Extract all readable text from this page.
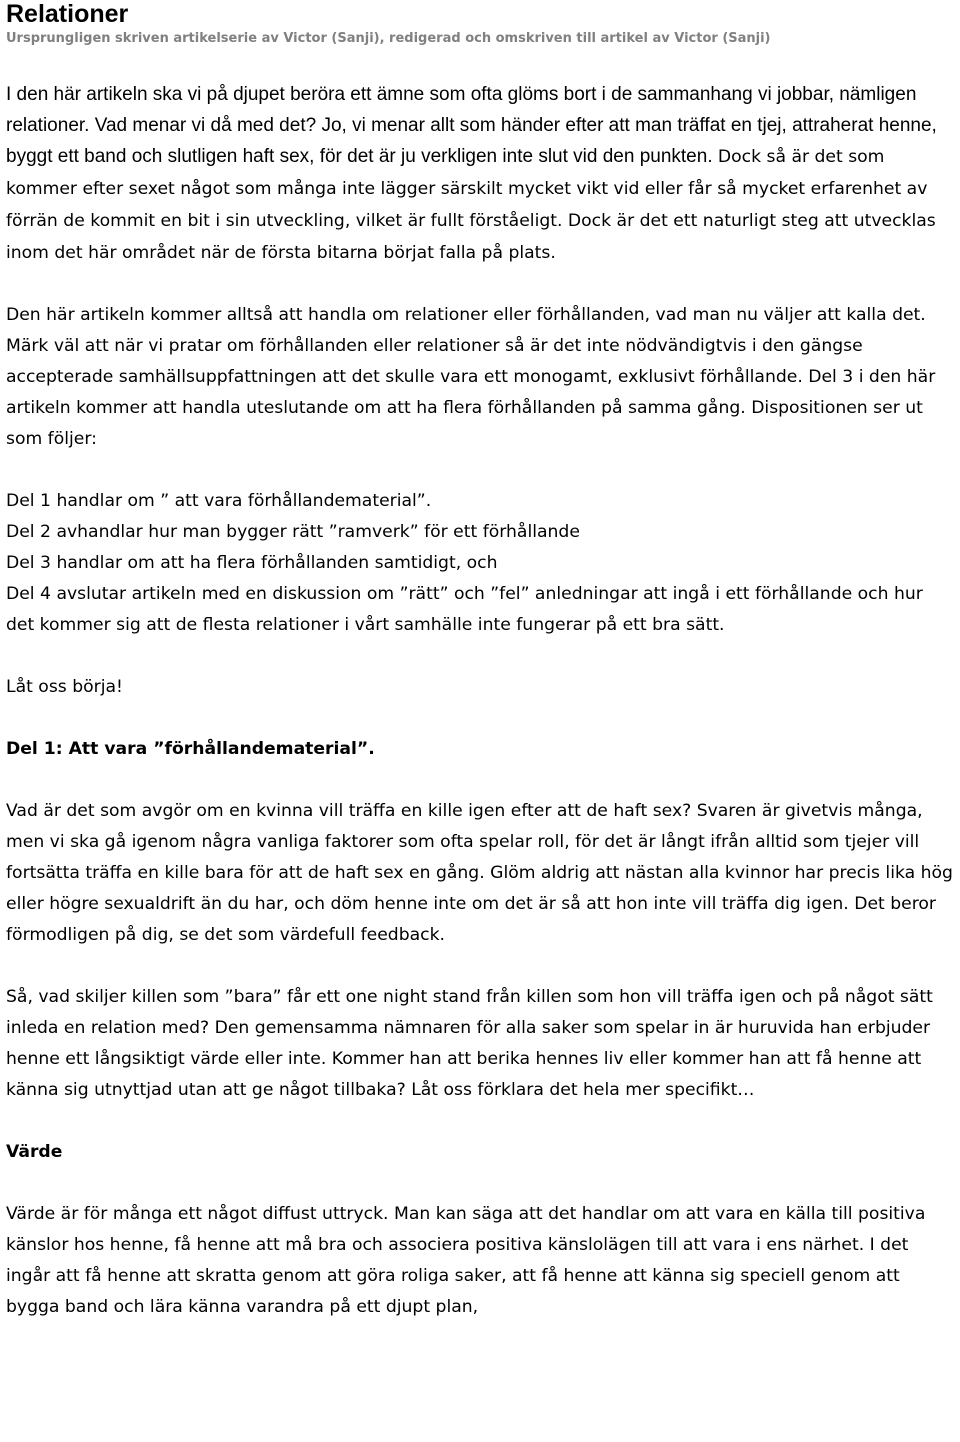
Relationer
Ursprungligen skriven artikelserie av Victor (Sanji), redigerad och omskriven till artikel av Victor (Sanji)

I den här artikeln ska vi på djupet beröra ett ämne som ofta glöms bort i de sammanhang vi jobbar, nämligen relationer. Vad menar vi då med det? Jo, vi menar allt som händer efter att man träffat en tjej, attraherat henne, byggt ett band och slutligen haft sex, för det är ju verkligen inte slut vid den punkten. Dock så är det som kommer efter sexet något som många inte lägger särskilt mycket vikt vid eller får så mycket erfarenhet av förrän de kommit en bit i sin utveckling, vilket är fullt förståeligt. Dock är det ett naturligt steg att utvecklas inom det här området när de första bitarna börjat falla på plats.

Den här artikeln kommer alltså att handla om relationer eller förhållanden, vad man nu väljer att kalla det. Märk väl att när vi pratar om förhållanden eller relationer så är det inte nödvändigtvis i den gängse accepterade samhällsuppfattningen att det skulle vara ett monogamt, exklusivt förhållande. Del 3 i den här artikeln kommer att handla uteslutande om att ha flera förhållanden på samma gång. Dispositionen ser ut som följer:

Del 1 handlar om ” att vara förhållandematerial”.
Del 2 avhandlar hur man bygger rätt ”ramverk” för ett förhållande
Del 3 handlar om att ha flera förhållanden samtidigt, och
Del 4 avslutar artikeln med en diskussion om ”rätt” och ”fel” anledningar att ingå i ett förhållande och hur det kommer sig att de flesta relationer i vårt samhälle inte fungerar på ett bra sätt.

Låt oss börja!

Del 1: Att vara ”förhållandematerial”.

Vad är det som avgör om en kvinna vill träffa en kille igen efter att de haft sex? Svaren är givetvis många, men vi ska gå igenom några vanliga faktorer som ofta spelar roll, för det är långt ifrån alltid som tjejer vill fortsätta träffa en kille bara för att de haft sex en gång. Glöm aldrig att nästan alla kvinnor har precis lika hög eller högre sexualdrift än du har, och döm henne inte om det är så att hon inte vill träffa dig igen. Det beror förmodligen på dig, se det som värdefull feedback.

Så, vad skiljer killen som ”bara” får ett one night stand från killen som hon vill träffa igen och på något sätt inleda en relation med? Den gemensamma nämnaren för alla saker som spelar in är huruvida han erbjuder henne ett långsiktigt värde eller inte. Kommer han att berika hennes liv eller kommer han att få henne att känna sig utnyttjad utan att ge något tillbaka? Låt oss förklara det hela mer specifikt…

Värde

Värde är för många ett något diffust uttryck. Man kan säga att det handlar om att vara en källa till positiva känslor hos henne, få henne att må bra och associera positiva känslolägen till att vara i ens närhet. I det ingår att få henne att skratta genom att göra roliga saker, att få henne att känna sig speciell genom att bygga band och lära känna varandra på ett djupt plan,
